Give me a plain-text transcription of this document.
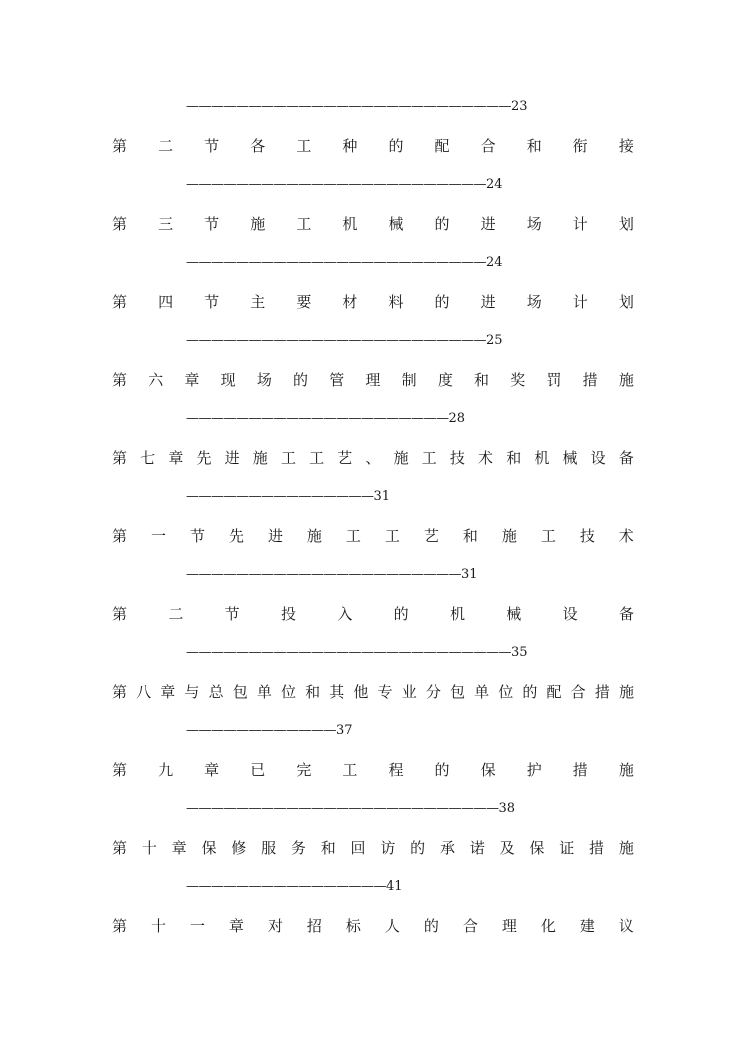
——————————————————————————23
第 二 节 各 工 种 的 配 合 和 衔 接
————————————————————————24
第 三 节 施 工 机 械 的 进 场 计 划
————————————————————————24
第 四 节 主 要 材 料 的 进 场 计 划
————————————————————————25
第 六 章 现 场 的 管 理 制 度 和 奖 罚 措 施
—————————————————————28
第 七 章 先 进 施 工 工 艺 、 施 工 技 术 和 机 械 设 备
———————————————31
第 一 节 先 进 施 工 工 艺 和 施 工 技 术
——————————————————————31
第	二	节	投	入	的	机	械	设	备
——————————————————————————35
第 八 章 与 总 包 单 位 和 其 他 专 业 分 包 单 位 的 配 合 措 施
————————————37
第 九 章 已 完 工 程 的 保 护 措 施
—————————————————————————38
第 十 章 保 修 服 务 和 回 访 的 承 诺 及 保 证 措 施
————————————————41
第 十 一 章 对 招 标 人 的 合 理 化 建 议
